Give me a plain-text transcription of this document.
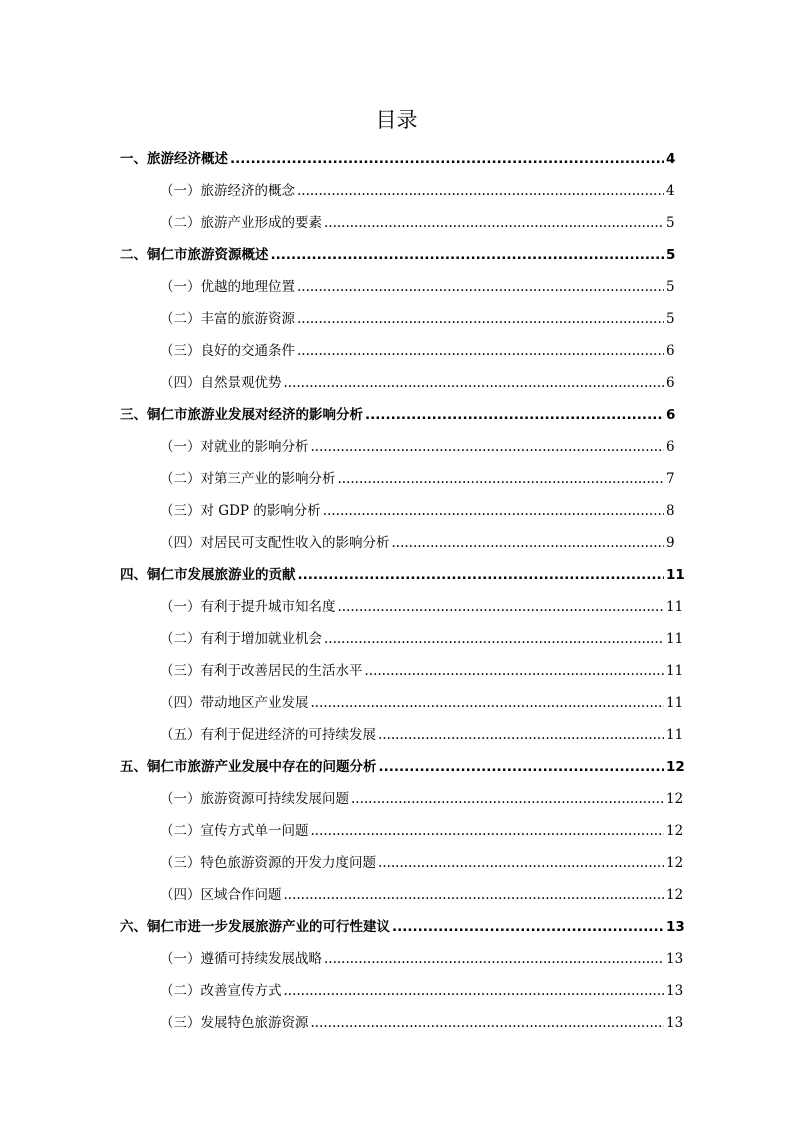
目录
一、旅游经济概述 .....	4
（一）旅游经济的概念 .....	4
（二）旅游产业形成的要素 .....	5
二、铜仁市旅游资源概述 .....	5
（一）优越的地理位置 .....	5
（二）丰富的旅游资源 .....	5
（三）良好的交通条件 .....	6
（四）自然景观优势 .....	6
三、铜仁市旅游业发展对经济的影响分析 .....	6
（一）对就业的影响分析 .....	6
（二）对第三产业的影响分析 .....	7
（三）对 GDP 的影响分析 .....	8
（四）对居民可支配性收入的影响分析 .....	9
四、铜仁市发展旅游业的贡献 .....	11
（一）有利于提升城市知名度 .....	11
（二）有利于增加就业机会 .....	11
（三）有利于改善居民的生活水平 .....	11
（四）带动地区产业发展 .....	11
（五）有利于促进经济的可持续发展 .....	11
五、铜仁市旅游产业发展中存在的问题分析 .....	12
（一）旅游资源可持续发展问题 .....	12
（二）宣传方式单一问题 .....	12
（三）特色旅游资源的开发力度问题 .....	12
（四）区域合作问题 .....	12
六、铜仁市进一步发展旅游产业的可行性建议 .....	13
（一）遵循可持续发展战略 .....	13
（二）改善宣传方式 .....	13
（三）发展特色旅游资源 .....	13
